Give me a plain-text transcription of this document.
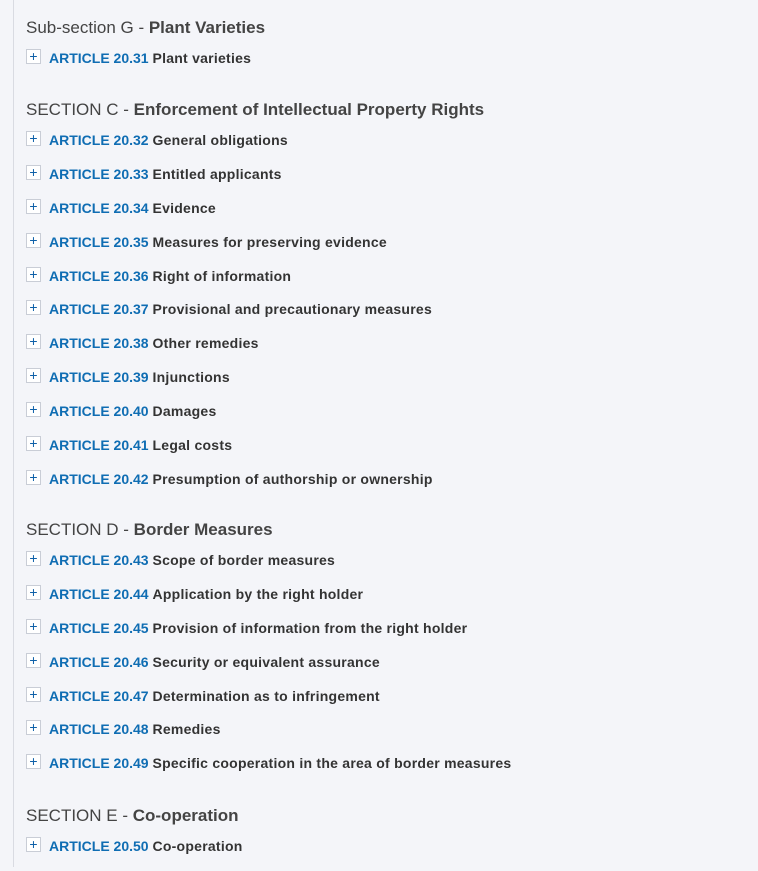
Sub-section G - Plant Varieties
+ ARTICLE 20.31 Plant varieties
SECTION C - Enforcement of Intellectual Property Rights
+ ARTICLE 20.32 General obligations
+ ARTICLE 20.33 Entitled applicants
+ ARTICLE 20.34 Evidence
+ ARTICLE 20.35 Measures for preserving evidence
+ ARTICLE 20.36 Right of information
+ ARTICLE 20.37 Provisional and precautionary measures
+ ARTICLE 20.38 Other remedies
+ ARTICLE 20.39 Injunctions
+ ARTICLE 20.40 Damages
+ ARTICLE 20.41 Legal costs
+ ARTICLE 20.42 Presumption of authorship or ownership
SECTION D - Border Measures
+ ARTICLE 20.43 Scope of border measures
+ ARTICLE 20.44 Application by the right holder
+ ARTICLE 20.45 Provision of information from the right holder
+ ARTICLE 20.46 Security or equivalent assurance
+ ARTICLE 20.47 Determination as to infringement
+ ARTICLE 20.48 Remedies
+ ARTICLE 20.49 Specific cooperation in the area of border measures
SECTION E - Co-operation
+ ARTICLE 20.50 Co-operation
